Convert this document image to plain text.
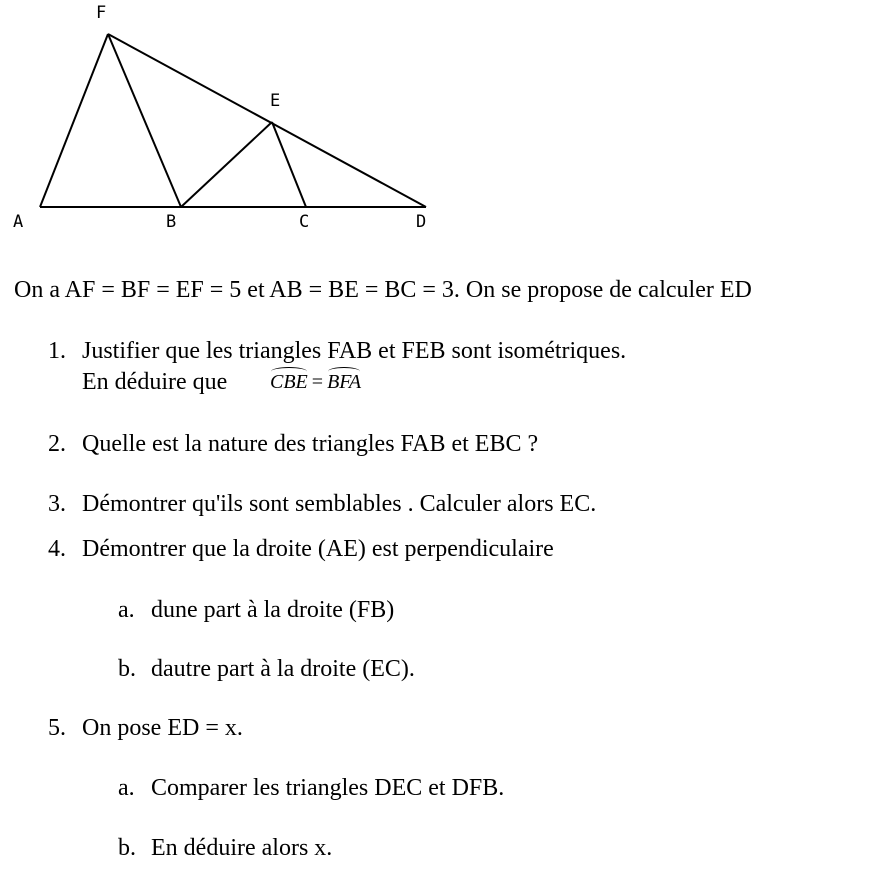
F
E
A	B	C	D
On a AF = BF = EF = 5 et AB = BE = BC = 3. On se propose de calculer ED
1. Justifier que les triangles FAB et FEB sont isométriques.
En déduire que CBE = BFA
2. Quelle est la nature des triangles FAB et EBC ?
3. Démontrer qu'ils sont semblables . Calculer alors EC.
4. Démontrer que la droite (AE) est perpendiculaire
a. dune part à la droite (FB)
b. dautre part à la droite (EC).
5. On pose ED = x.
a. Comparer les triangles DEC et DFB.
b. En déduire alors x.
